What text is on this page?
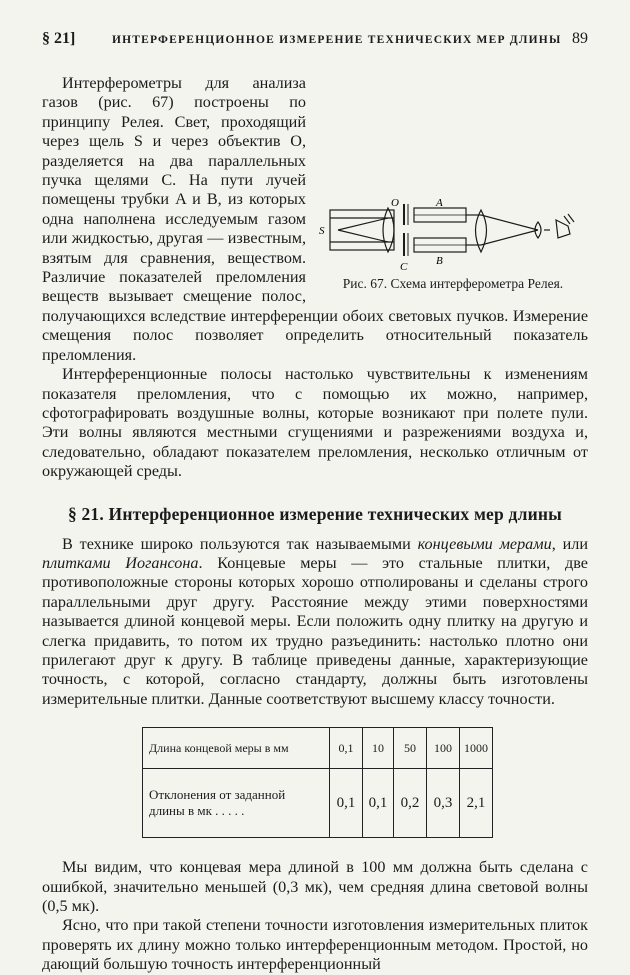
§ 21]	ИНТЕРФЕРЕНЦИОННОЕ ИЗМЕРЕНИЕ ТЕХНИЧЕСКИХ МЕР ДЛИНЫ 89
O	A
S
B
C
Рис. 67. Схема интерферометра Релея.

Интерферометры для анализа газов (рис. 67) построены по принципу Релея. Свет, проходящий через щель S и через объектив O, разделяется на два параллельных пучка щелями C. На пути лучей помещены трубки A и B, из которых одна наполнена исследуемым газом или жидкостью, другая — известным, взятым для сравнения, веществом. Различие показателей преломления веществ вызывает смещение полос, получающихся вследствие интерференции обоих световых пучков. Измерение смещения полос позволяет определить относительный показатель преломления.

Интерференционные полосы настолько чувствительны к изменениям показателя преломления, что с помощью их можно, например, сфотографировать воздушные волны, которые возникают при полете пули. Эти волны являются местными сгущениями и разрежениями воздуха и, следовательно, обладают показателем преломления, несколько отличным от окружающей среды.

§ 21. Интерференционное измерение технических мер длины

В технике широко пользуются так называемыми концевыми мерами, или плитками Иогансона. Концевые меры — это стальные плитки, две противоположные стороны которых хорошо отполированы и сделаны строго параллельными друг другу. Расстояние между этими поверхностями называется длиной концевой меры. Если положить одну плитку на другую и слегка придавить, то потом их трудно разъединить: настолько плотно они прилегают друг к другу. В таблице приведены данные, характеризующие точность, с которой, согласно стандарту, должны быть изготовлены измерительные плитки. Данные соответствуют высшему классу точности.

Длина концевой меры в мм	0,1	10	50	100	1000
Отклонения от заданной
длины в мк . . . . .	0,1	0,1	0,2	0,3	2,1

Мы видим, что концевая мера длиной в 100 мм должна быть сделана с ошибкой, значительно меньшей (0,3 мк), чем средняя длина световой волны (0,5 мк).

Ясно, что при такой степени точности изготовления измерительных плиток проверять их длину можно только интерференционным методом. Простой, но дающий большую точность интерференционный
